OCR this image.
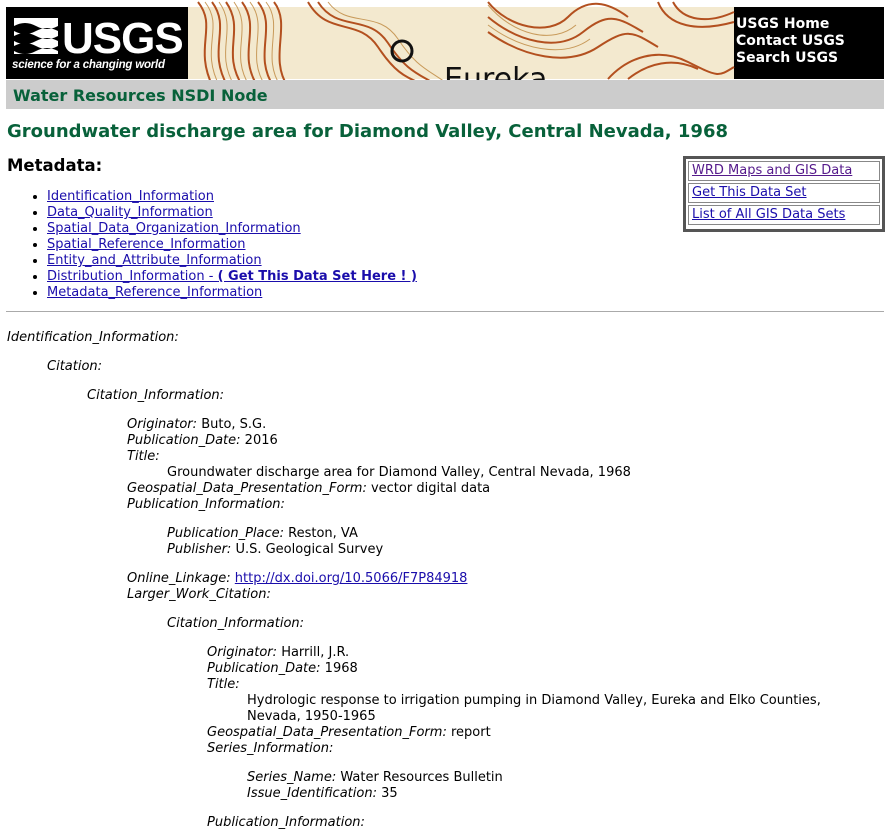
USGS
science for a changing world
USGS Home
Contact USGS
Search USGS
Water Resources NSDI Node
Groundwater discharge area for Diamond Valley, Central Nevada, 1968
Metadata:
• Identification_Information
• Data_Quality_Information
• Spatial_Data_Organization_Information
• Spatial_Reference_Information
• Entity_and_Attribute_Information
• Distribution_Information - ( Get This Data Set Here ! )
• Metadata_Reference_Information
WRD Maps and GIS Data
Get This Data Set
List of All GIS Data Sets
Identification_Information:
Citation:
Citation_Information:
Originator: Buto, S.G.
Publication_Date: 2016
Title:
Groundwater discharge area for Diamond Valley, Central Nevada, 1968
Geospatial_Data_Presentation_Form: vector digital data
Publication_Information:
Publication_Place: Reston, VA
Publisher: U.S. Geological Survey
Online_Linkage: http://dx.doi.org/10.5066/F7P84918
Larger_Work_Citation:
Citation_Information:
Originator: Harrill, J.R.
Publication_Date: 1968
Title:
Hydrologic response to irrigation pumping in Diamond Valley, Eureka and Elko Counties,
Nevada, 1950-1965
Geospatial_Data_Presentation_Form: report
Series_Information:
Series_Name: Water Resources Bulletin
Issue_Identification: 35
Publication_Information:
